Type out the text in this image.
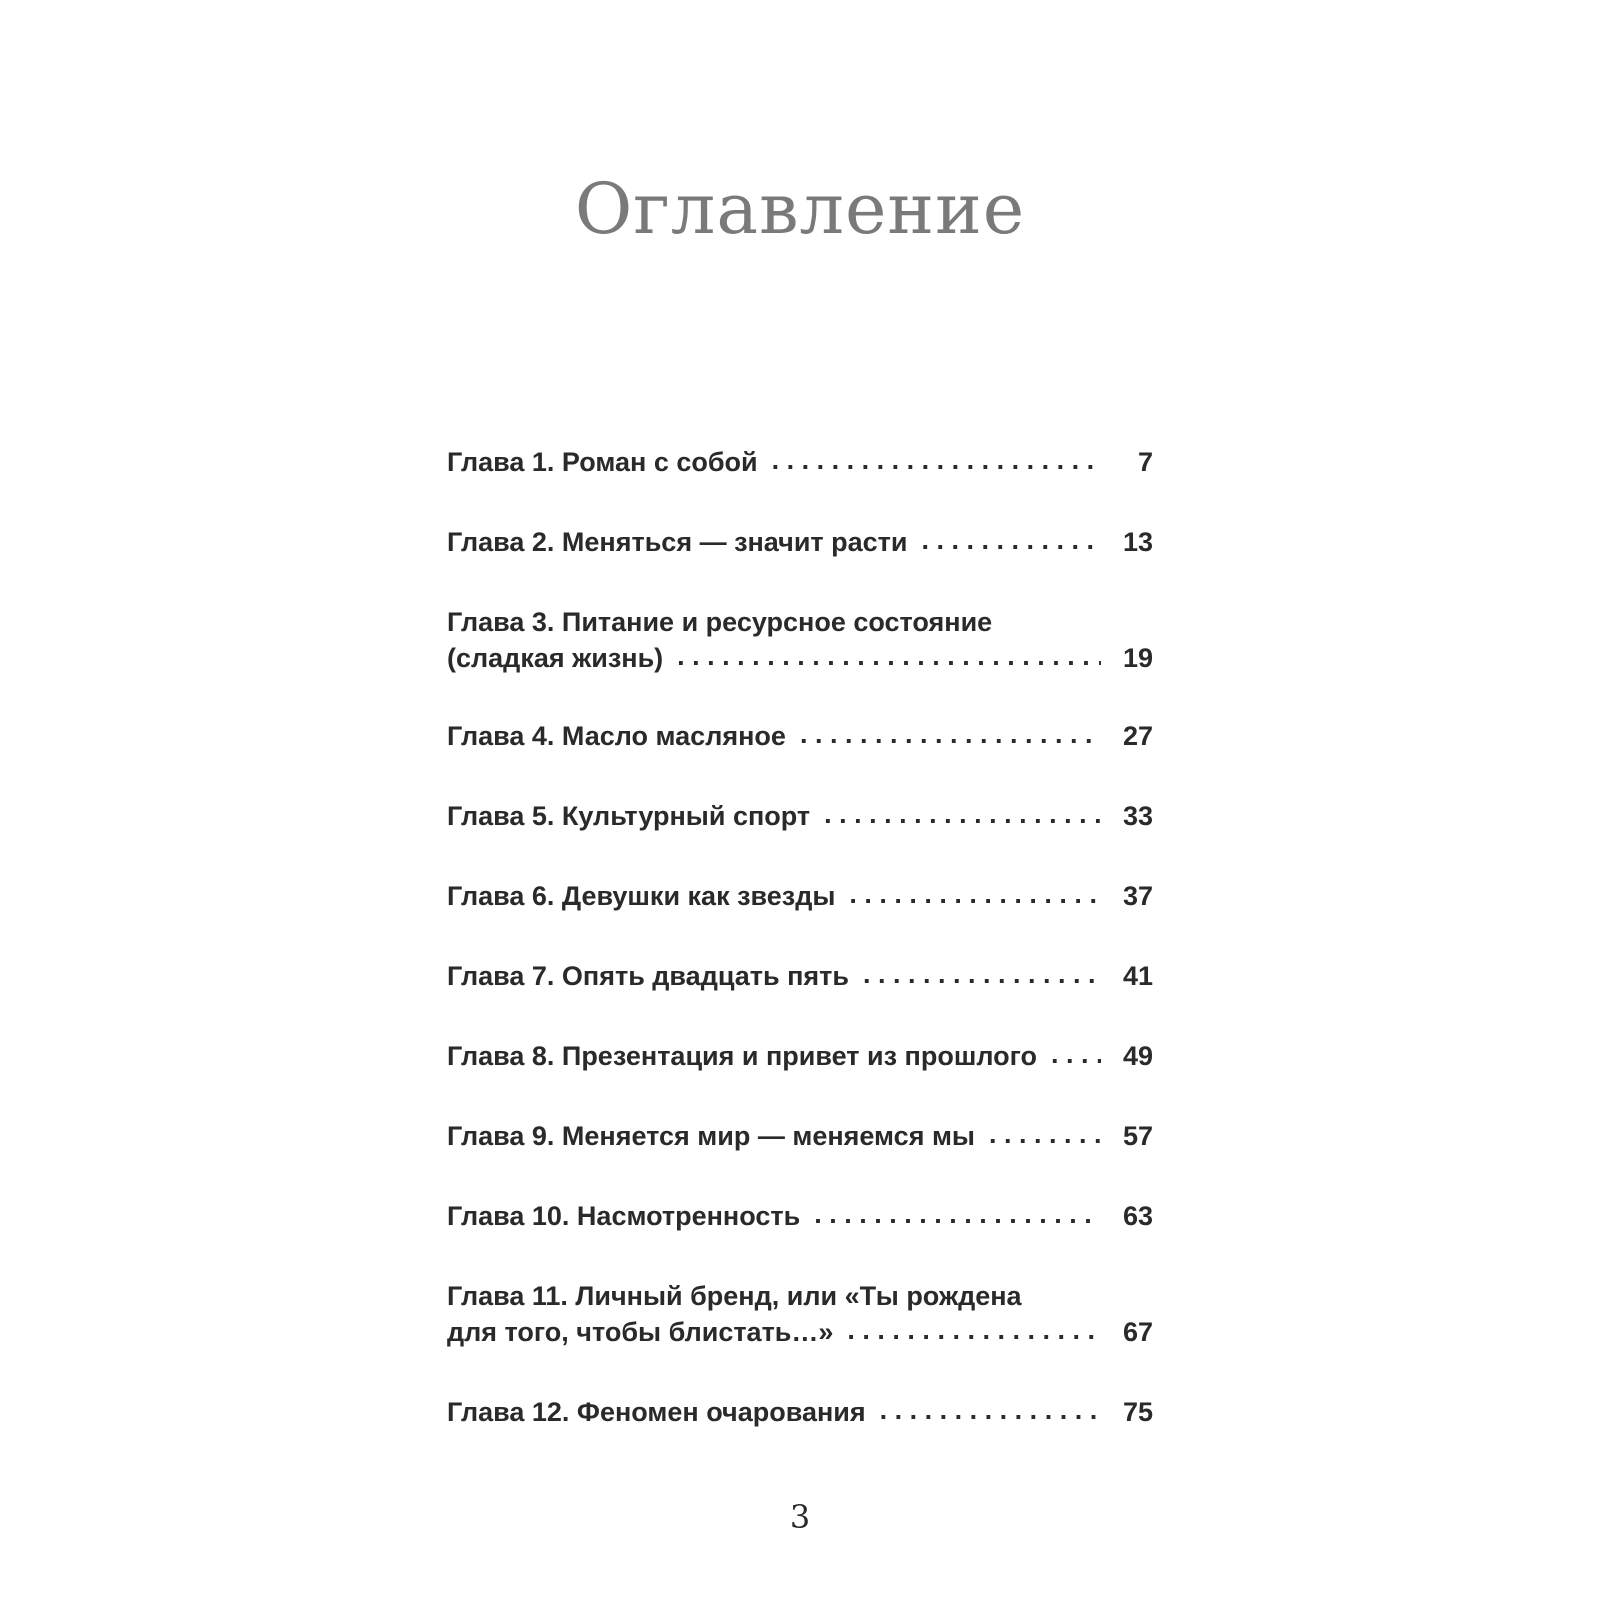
Оглавление
Глава 1. Роман с собой . . .	7
Глава 2. Меняться — значит расти . . .	13
Глава 3. Питание и ресурсное состояние
(сладкая жизнь) . . .	19
Глава 4. Масло масляное . . .	27
Глава 5. Культурный спорт . . .	33
Глава 6. Девушки как звезды . . .	37
Глава 7. Опять двадцать пять . . .	41
Глава 8. Презентация и привет из прошлого . . .	49
Глава 9. Меняется мир — меняемся мы . . .	57
Глава 10. Насмотренность . . .	63
Глава 11. Личный бренд, или «Ты рождена
для того, чтобы блистать…» . . .	67
Глава 12. Феномен очарования . . .	75

3
